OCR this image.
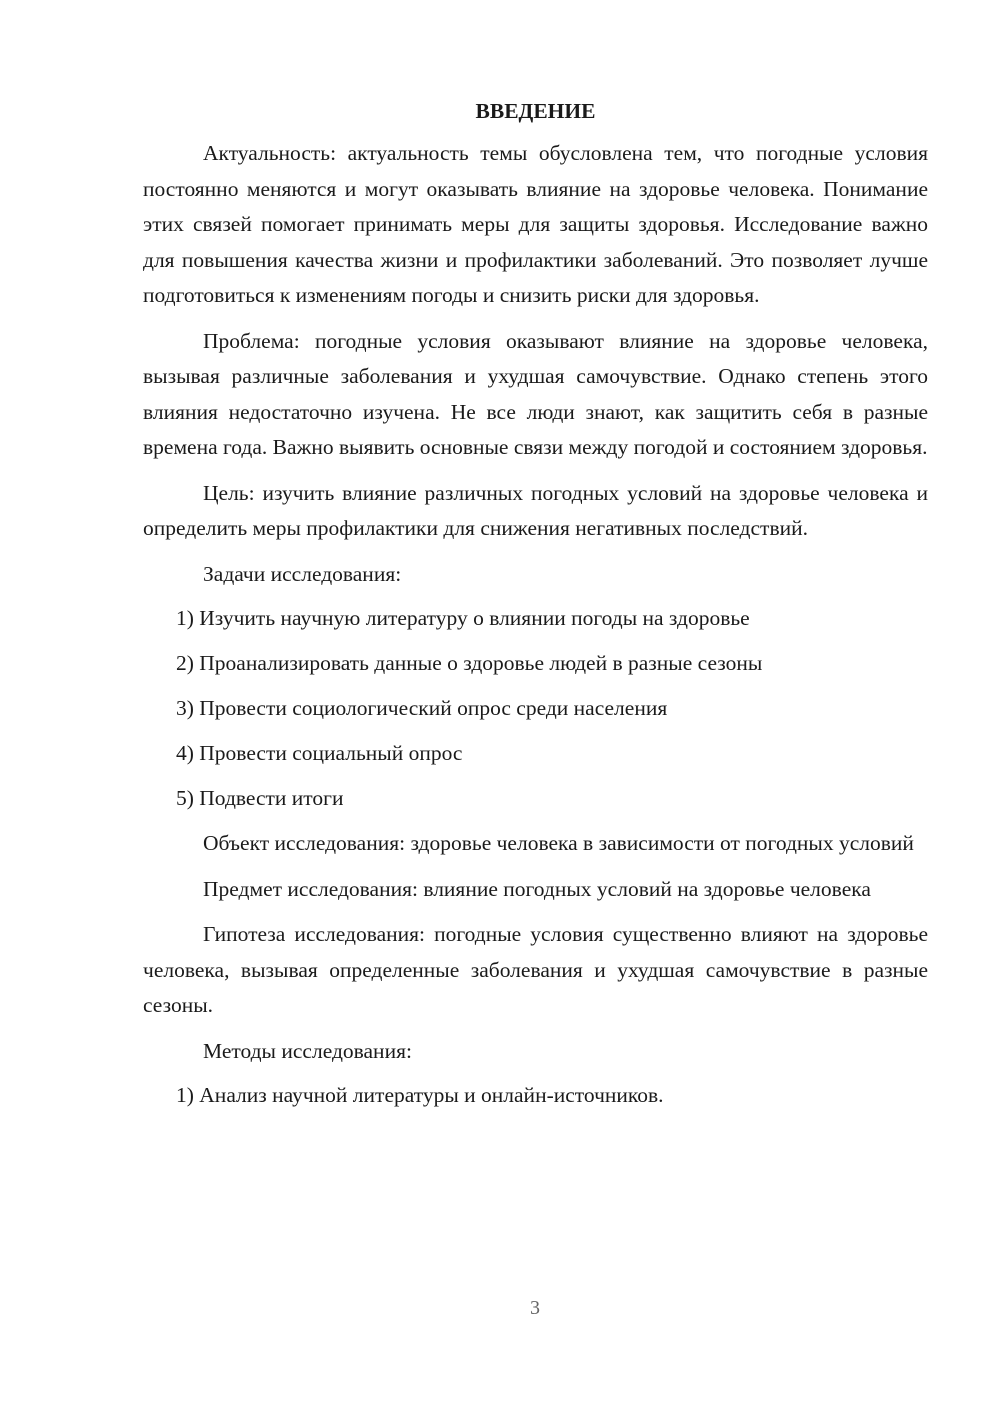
ВВЕДЕНИЕ

Актуальность: актуальность темы обусловлена тем, что погодные условия постоянно меняются и могут оказывать влияние на здоровье человека. Понимание этих связей помогает принимать меры для защиты здоровья. Исследование важно для повышения качества жизни и профилактики заболеваний. Это позволяет лучше подготовиться к изменениям погоды и снизить риски для здоровья.

Проблема: погодные условия оказывают влияние на здоровье человека, вызывая различные заболевания и ухудшая самочувствие. Однако степень этого влияния недостаточно изучена. Не все люди знают, как защитить себя в разные времена года. Важно выявить основные связи между погодой и состоянием здоровья.

Цель: изучить влияние различных погодных условий на здоровье человека и определить меры профилактики для снижения негативных последствий.

Задачи исследования:

1) Изучить научную литературу о влиянии погоды на здоровье
2) Проанализировать данные о здоровье людей в разные сезоны
3) Провести социологический опрос среди населения
4) Провести социальный опрос
5) Подвести итоги

Объект исследования: здоровье человека в зависимости от погодных условий

Предмет исследования: влияние погодных условий на здоровье человека

Гипотеза исследования: погодные условия существенно влияют на здоровье человека, вызывая определенные заболевания и ухудшая самочувствие в разные сезоны.

Методы исследования:

1) Анализ научной литературы и онлайн-источников.
3
